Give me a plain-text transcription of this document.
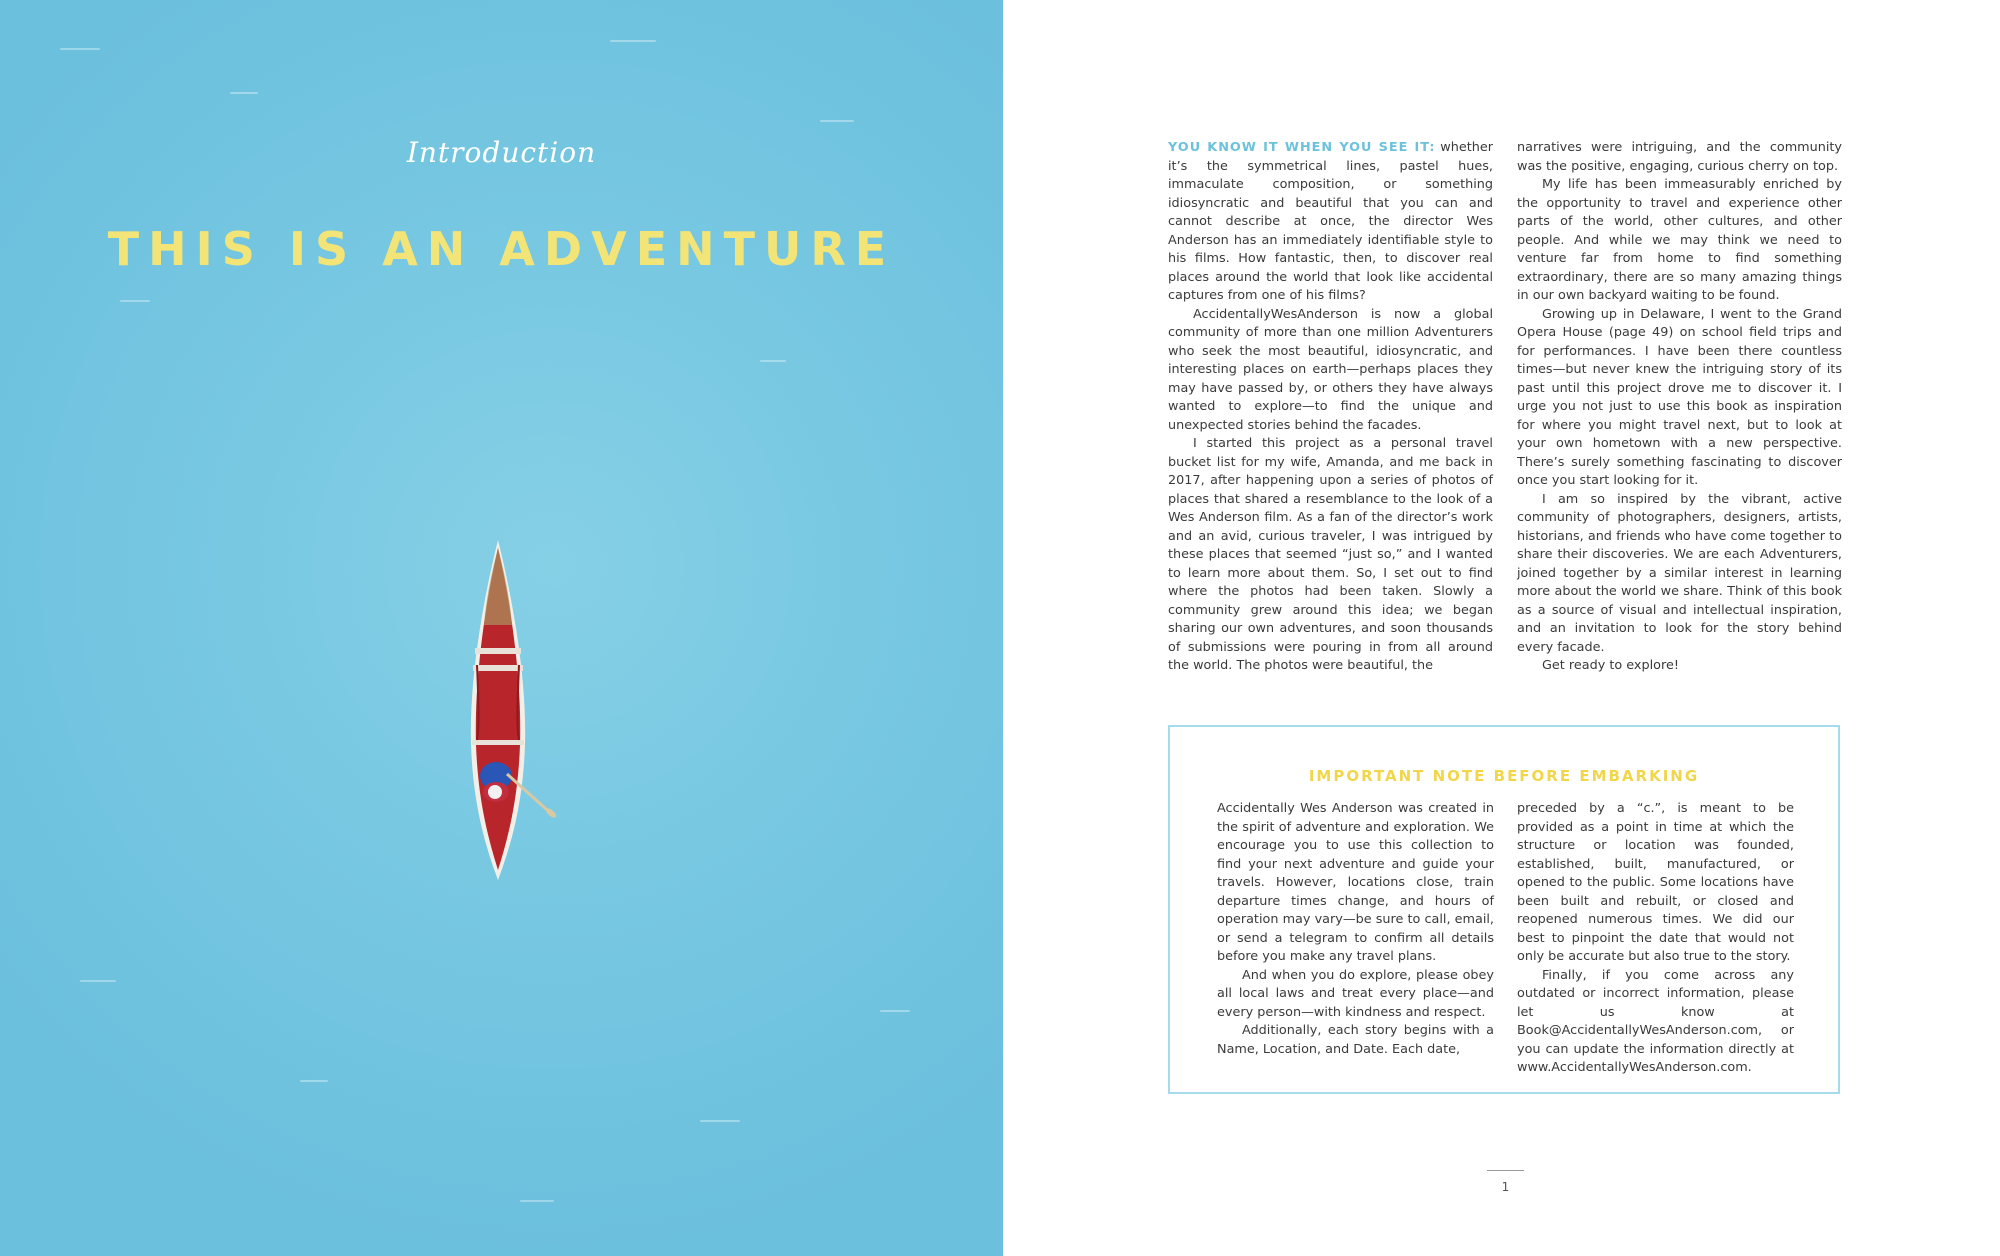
Introduction
THIS IS AN ADVENTURE

YOU KNOW IT WHEN YOU SEE IT: whether it’s the symmetrical lines, pastel hues, immaculate composition, or something idiosyncratic and beautiful that you can and cannot describe at once, the director Wes Anderson has an immediately identifiable style to his films. How fantastic, then, to discover real places around the world that look like accidental captures from one of his films?

AccidentallyWesAnderson is now a global community of more than one million Adventurers who seek the most beautiful, idiosyncratic, and interesting places on earth—perhaps places they may have passed by, or others they have always wanted to explore—to find the unique and unexpected stories behind the facades.

I started this project as a personal travel bucket list for my wife, Amanda, and me back in 2017, after happening upon a series of photos of places that shared a resemblance to the look of a Wes Anderson film. As a fan of the director’s work and an avid, curious traveler, I was intrigued by these places that seemed “just so,” and I wanted to learn more about them. So, I set out to find where the photos had been taken. Slowly a community grew around this idea; we began sharing our own adventures, and soon thousands of submissions were pouring in from all around the world. The photos were beautiful, the

narratives were intriguing, and the community was the positive, engaging, curious cherry on top.

My life has been immeasurably enriched by the opportunity to travel and experience other parts of the world, other cultures, and other people. And while we may think we need to venture far from home to find something extraordinary, there are so many amazing things in our own backyard waiting to be found.

Growing up in Delaware, I went to the Grand Opera House (page 49) on school field trips and for performances. I have been there countless times—but never knew the intriguing story of its past until this project drove me to discover it. I urge you not just to use this book as inspiration for where you might travel next, but to look at your own hometown with a new perspective. There’s surely something fascinating to discover once you start looking for it.

I am so inspired by the vibrant, active community of photographers, designers, artists, historians, and friends who have come together to share their discoveries. We are each Adventurers, joined together by a similar interest in learning more about the world we share. Think of this book as a source of visual and intellectual inspiration, and an invitation to look for the story behind every facade.

Get ready to explore!

IMPORTANT NOTE BEFORE EMBARKING

Accidentally Wes Anderson was created in the spirit of adventure and exploration. We encourage you to use this collection to find your next adventure and guide your travels. However, locations close, train departure times change, and hours of operation may vary—be sure to call, email, or send a telegram to confirm all details before you make any travel plans.

And when you do explore, please obey all local laws and treat every place—and every person—with kindness and respect.

Additionally, each story begins with a Name, Location, and Date. Each date,

preceded by a “c.”, is meant to be provided as a point in time at which the structure or location was founded, established, built, manufactured, or opened to the public. Some locations have been built and rebuilt, or closed and reopened numerous times. We did our best to pinpoint the date that would not only be accurate but also true to the story.

Finally, if you come across any outdated or incorrect information, please let us know at Book@AccidentallyWesAnderson.com, or you can update the information directly at www.AccidentallyWesAnderson.com.

1
